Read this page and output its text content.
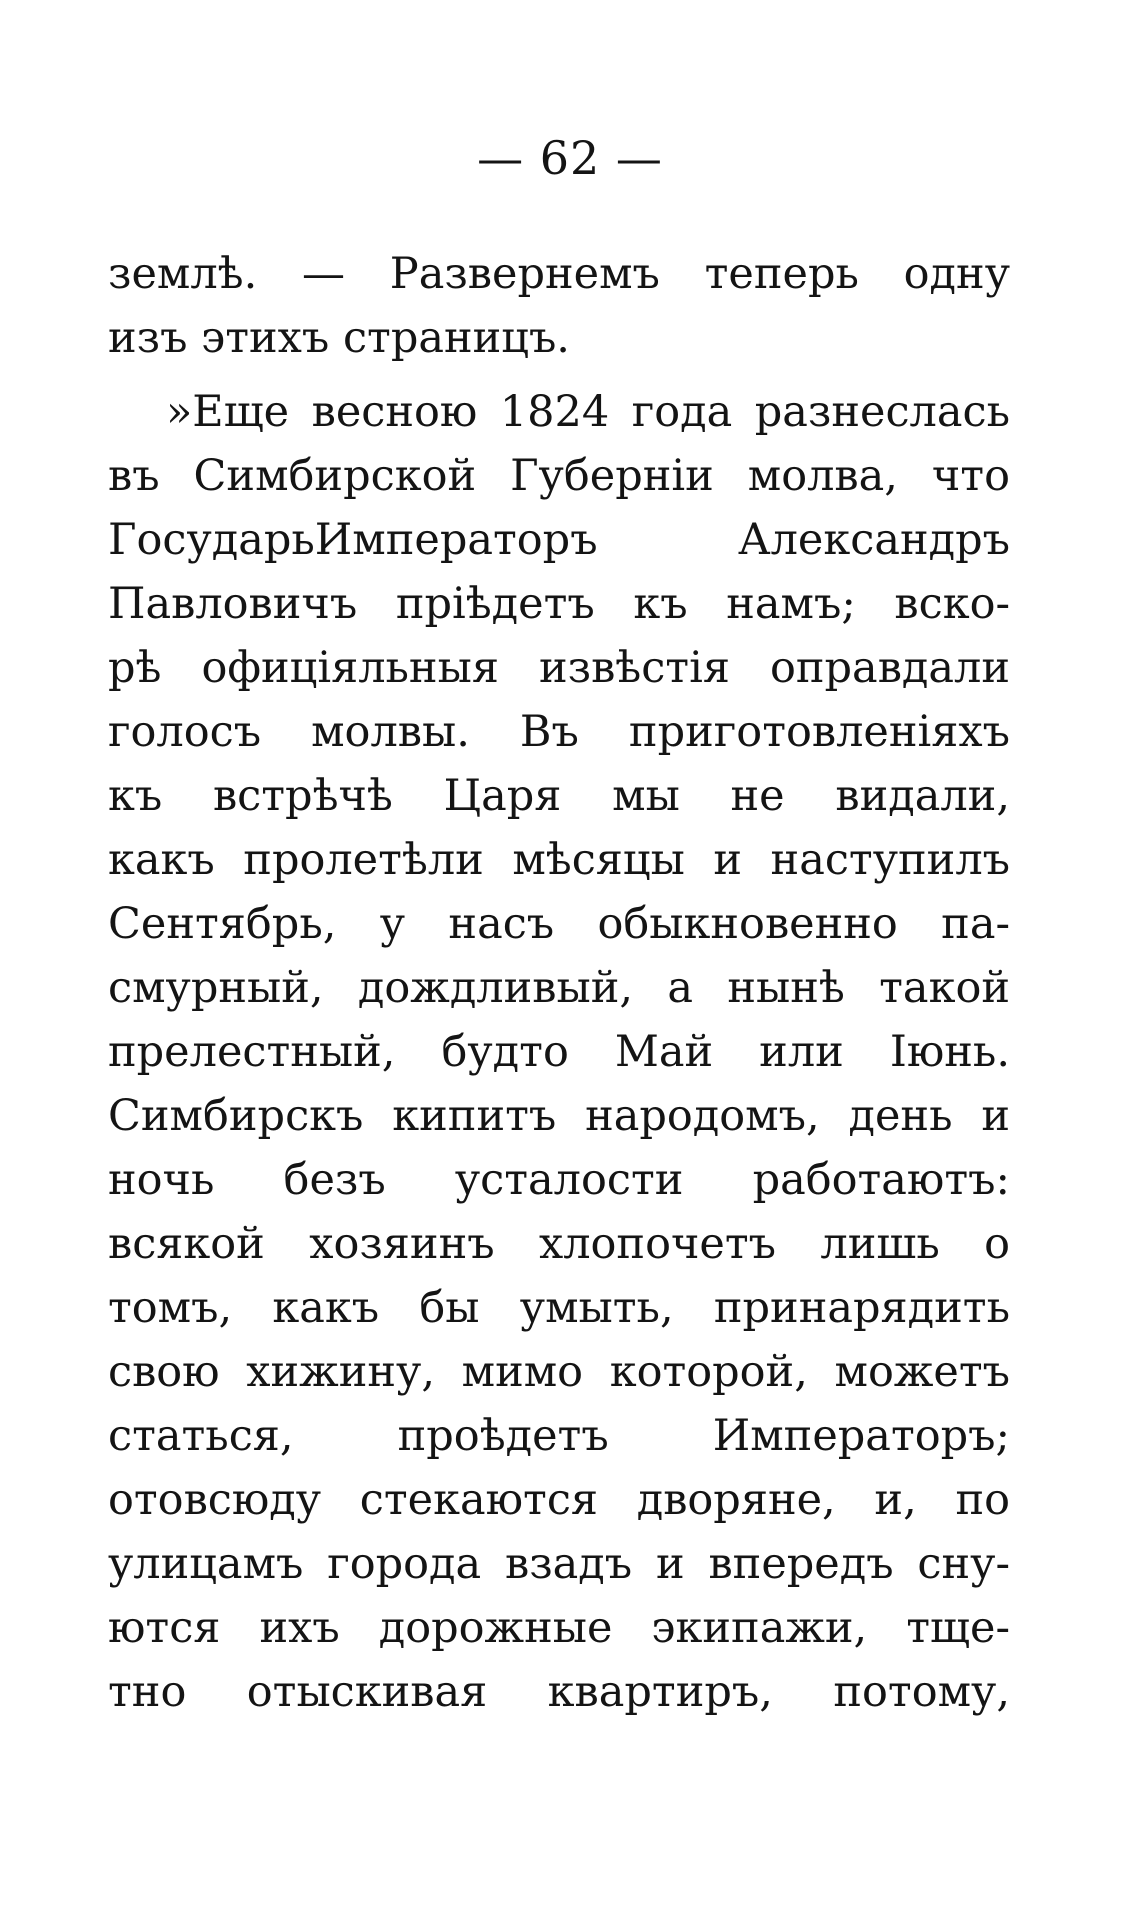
— 62 —
землѣ. — Развернемъ теперь одну
изъ этихъ страницъ.
»Еще весною 1824 года разнеслась
въ Симбирской Губерніи молва, что
ГосударьИмператоръ Александръ
Павловичъ пріѣдетъ къ намъ; вско-
рѣ офиціяльныя извѣстія оправдали
голосъ молвы. Въ приготовленіяхъ
къ встрѣчѣ Царя мы не видали,
какъ пролетѣли мѣсяцы и наступилъ
Сентябрь, у насъ обыкновенно па-
смурный, дождливый, а нынѣ такой
прелестный, будто Май или Іюнь.
Симбирскъ кипитъ народомъ, день и
ночь безъ усталости работаютъ:
всякой хозяинъ хлопочетъ лишь о
томъ, какъ бы умыть, принарядить
свою хижину, мимо которой, можетъ
статься, проѣдетъ Императоръ;
отовсюду стекаются дворяне, и, по
улицамъ города взадъ и впередъ сну-
ются ихъ дорожные экипажи, тще-
тно отыскивая квартиръ, потому,
